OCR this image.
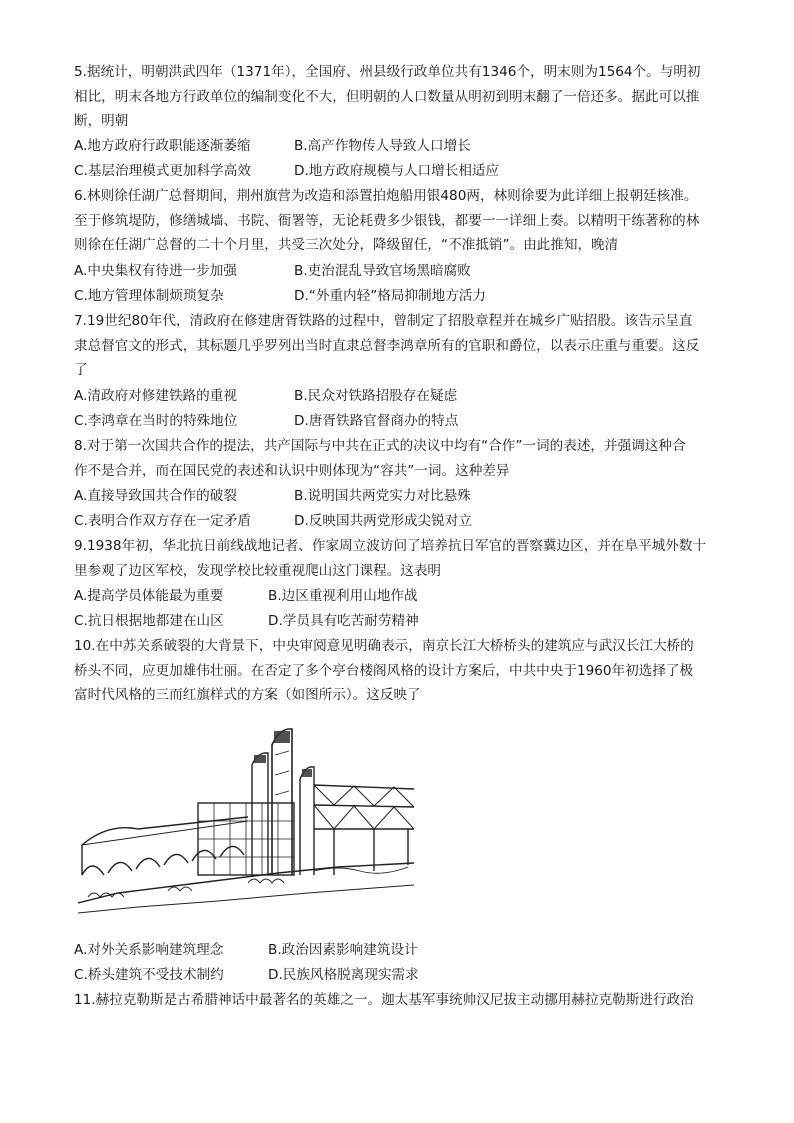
5.据统计，明朝洪武四年（1371年），全国府、州县级行政单位共有1346个，明末则为1564个。与明初
相比，明末各地方行政单位的编制变化不大，但明朝的人口数量从明初到明末翻了一倍还多。据此可以推
断，明朝
A.地方政府行政职能逐渐萎缩	B.高产作物传人导致人口增长
C.基层治理模式更加科学高效	D.地方政府规模与人口增长相适应
6.林则徐任湖广总督期间，荆州旗营为改造和添置拍炮船用银480两，林则徐要为此详细上报朝廷核准。
至于修筑堤防，修缮城墙、书院、衙署等，无论耗费多少银钱，都要一一详细上奏。以精明干练著称的林
则徐在任湖广总督的二十个月里，共受三次处分，降级留任，“不准抵销”。由此推知，晚清
A.中央集权有待进一步加强	B.吏治混乱导致官场黑暗腐败
C.地方管理体制烦琐复杂	D.“外重内轻”格局抑制地方活力
7.19世纪80年代，清政府在修建唐胥铁路的过程中，曾制定了招股章程并在城乡广贴招股。该告示呈直
隶总督官文的形式，其标题几乎罗列出当时直隶总督李鸿章所有的官职和爵位，以表示庄重与重要。这反
了
A.清政府对修建铁路的重视	B.民众对铁路招股存在疑虑
C.李鸿章在当时的特殊地位	D.唐胥铁路官督商办的特点
8.对于第一次国共合作的提法，共产国际与中共在正式的决议中均有“合作”一词的表述，并强调这种合
作不是合并，而在国民党的表述和认识中则体现为“容共”一词。这种差异
A.直接导致国共合作的破裂	B.说明国共两党实力对比悬殊
C.表明合作双方存在一定矛盾	D.反映国共两党形成尖锐对立
9.1938年初，华北抗日前线战地记者、作家周立波访问了培养抗日军官的晋察冀边区，并在阜平城外数十
里参观了边区军校，发现学校比较重视爬山这门课程。这表明
A.提高学员体能最为重要	B.边区重视利用山地作战
C.抗日根据地都建在山区	D.学员具有吃苦耐劳精神
10.在中苏关系破裂的大背景下，中央审阅意见明确表示，南京长江大桥桥头的建筑应与武汉长江大桥的
桥头不同，应更加雄伟壮丽。在否定了多个亭台楼阁风格的设计方案后，中共中央于1960年初选择了极
富时代风格的三而红旗样式的方案（如图所示）。这反映了
A.对外关系影响建筑理念	B.政治因素影响建筑设计
C.桥头建筑不受技术制约	D.民族风格脱离现实需求
11.赫拉克勒斯是古希腊神话中最著名的英雄之一。迦太基军事统帅汉尼拔主动挪用赫拉克勒斯进行政治
